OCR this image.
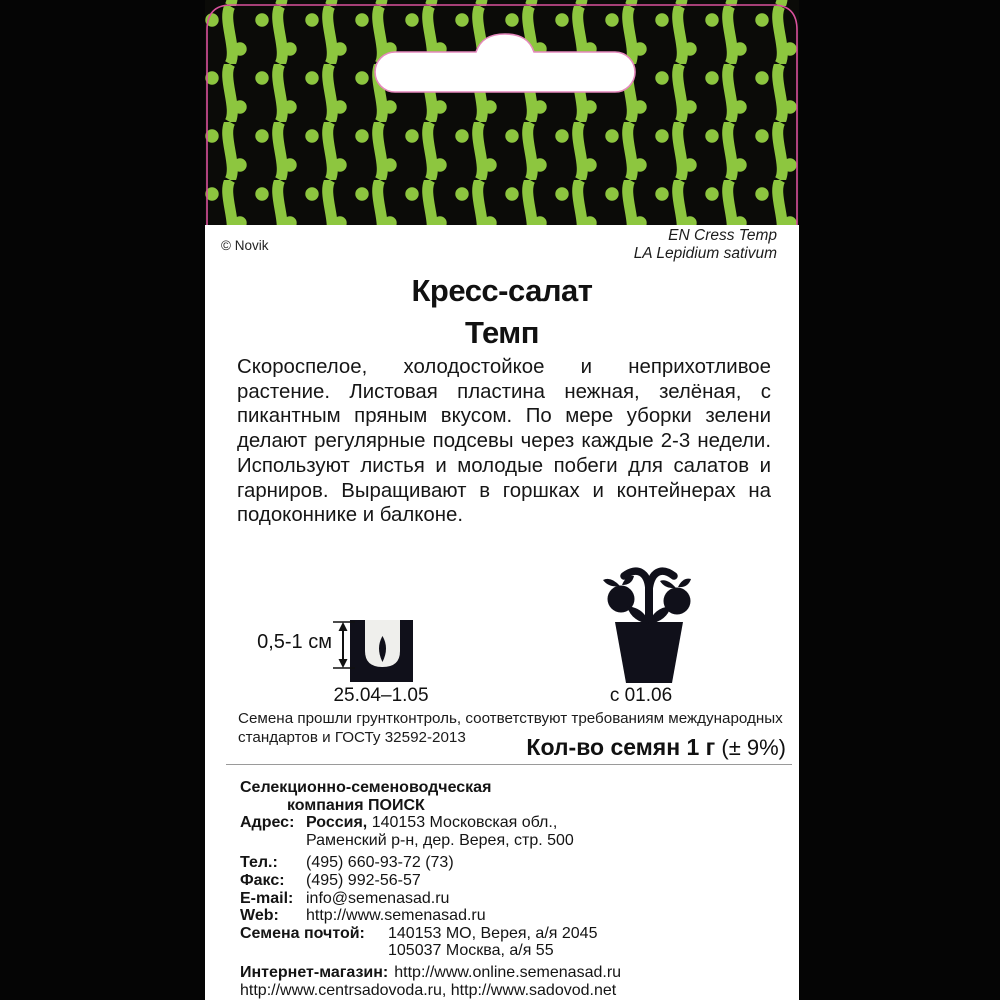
© Novik
EN Cress Temp
LA Lepidium sativum
Кресс-салат
Темп
Скороспелое, холодостойкое и неприхотливое
растение. Листовая пластина нежная, зелёная, с
пикантным пряным вкусом. По мере уборки зелени
делают регулярные подсевы через каждые 2-3 недели.
Используют листья и молодые побеги для салатов и
гарниров. Выращивают в горшках и контейнерах на
подоконнике и балконе.
0,5-1 см
25.04–1.05	с 01.06
Семена прошли грунтконтроль, соответствуют требованиям международных
стандартов и ГОСТу 32592-2013	Кол-во семян 1 г (± 9%)
Селекционно-семеноводческая
компания ПОИСК
Адрес: Россия, 140153 Московская обл.,
Раменский р-н, дер. Верея, стр. 500
Тел.:	(495) 660-93-72 (73)
Факс:	(495) 992-56-57
E-mail: info@semenasad.ru
Web:	http://www.semenasad.ru
Семена почтой:	140153 МО, Верея, а/я 2045
105037 Москва, а/я 55
Интернет-магазин: http://www.online.semenasad.ru
http://www.centrsadovoda.ru, http://www.sadovod.net
